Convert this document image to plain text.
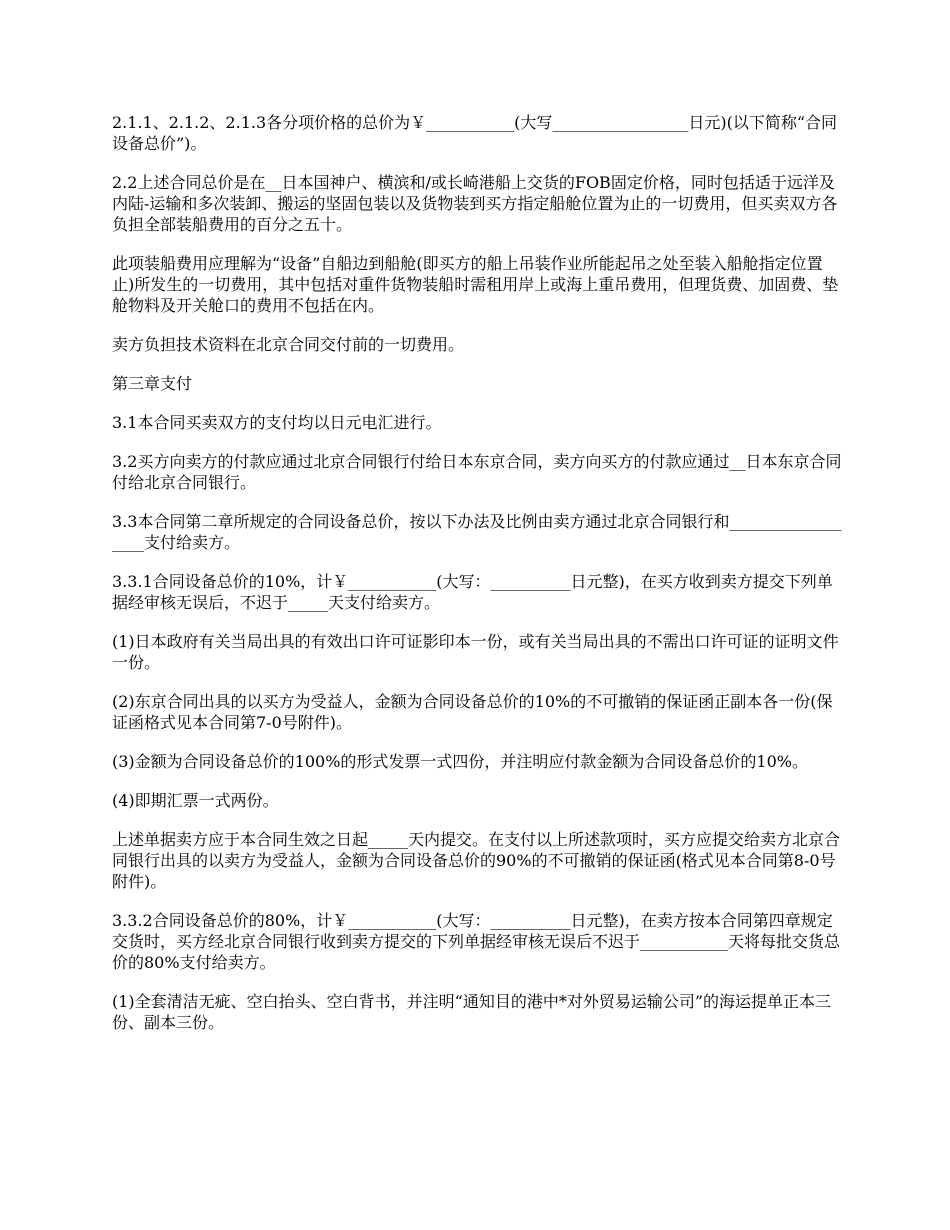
2.1.1、2.1.2、2.1.3各分项价格的总价为￥___________(大写_________________日元)(以下简称“合同设备总价”)。

2.2上述合同总价是在__日本国神户、横滨和/或长崎港船上交货的FOB固定价格，同时包括适于远洋及内陆-运输和多次装卸、搬运的坚固包装以及货物装到买方指定船舱位置为止的一切费用，但买卖双方各负担全部装船费用的百分之五十。

此项装船费用应理解为“设备”自船边到船舱(即买方的船上吊装作业所能起吊之处至装入船舱指定位置止)所发生的一切费用，其中包括对重件货物装船时需租用岸上或海上重吊费用，但理货费、加固费、垫舱物料及开关舱口的费用不包括在内。

卖方负担技术资料在北京合同交付前的一切费用。

第三章支付

3.1本合同买卖双方的支付均以日元电汇进行。

3.2买方向卖方的付款应通过北京合同银行付给日本东京合同，卖方向买方的付款应通过__日本东京合同付给北京合同银行。

3.3本合同第二章所规定的合同设备总价，按以下办法及比例由卖方通过北京合同银行和__________________支付给卖方。

3.3.1合同设备总价的10%，计￥___________(大写：__________日元整)，在买方收到卖方提交下列单据经审核无误后，不迟于_____天支付给卖方。

(1)日本政府有关当局出具的有效出口许可证影印本一份，或有关当局出具的不需出口许可证的证明文件一份。

(2)东京合同出具的以买方为受益人，金额为合同设备总价的10%的不可撤销的保证函正副本各一份(保证函格式见本合同第7-0号附件)。

(3)金额为合同设备总价的100%的形式发票一式四份，并注明应付款金额为合同设备总价的10%。

(4)即期汇票一式两份。

上述单据卖方应于本合同生效之日起_____天内提交。在支付以上所述款项时，买方应提交给卖方北京合同银行出具的以卖方为受益人，金额为合同设备总价的90%的不可撤销的保证函(格式见本合同第8-0号附件)。

3.3.2合同设备总价的80%，计￥___________(大写：__________日元整)，在卖方按本合同第四章规定交货时，买方经北京合同银行收到卖方提交的下列单据经审核无误后不迟于___________天将每批交货总价的80%支付给卖方。

(1)全套清洁无疵、空白抬头、空白背书，并注明“通知目的港中*对外贸易运输公司”的海运提单正本三份、副本三份。
